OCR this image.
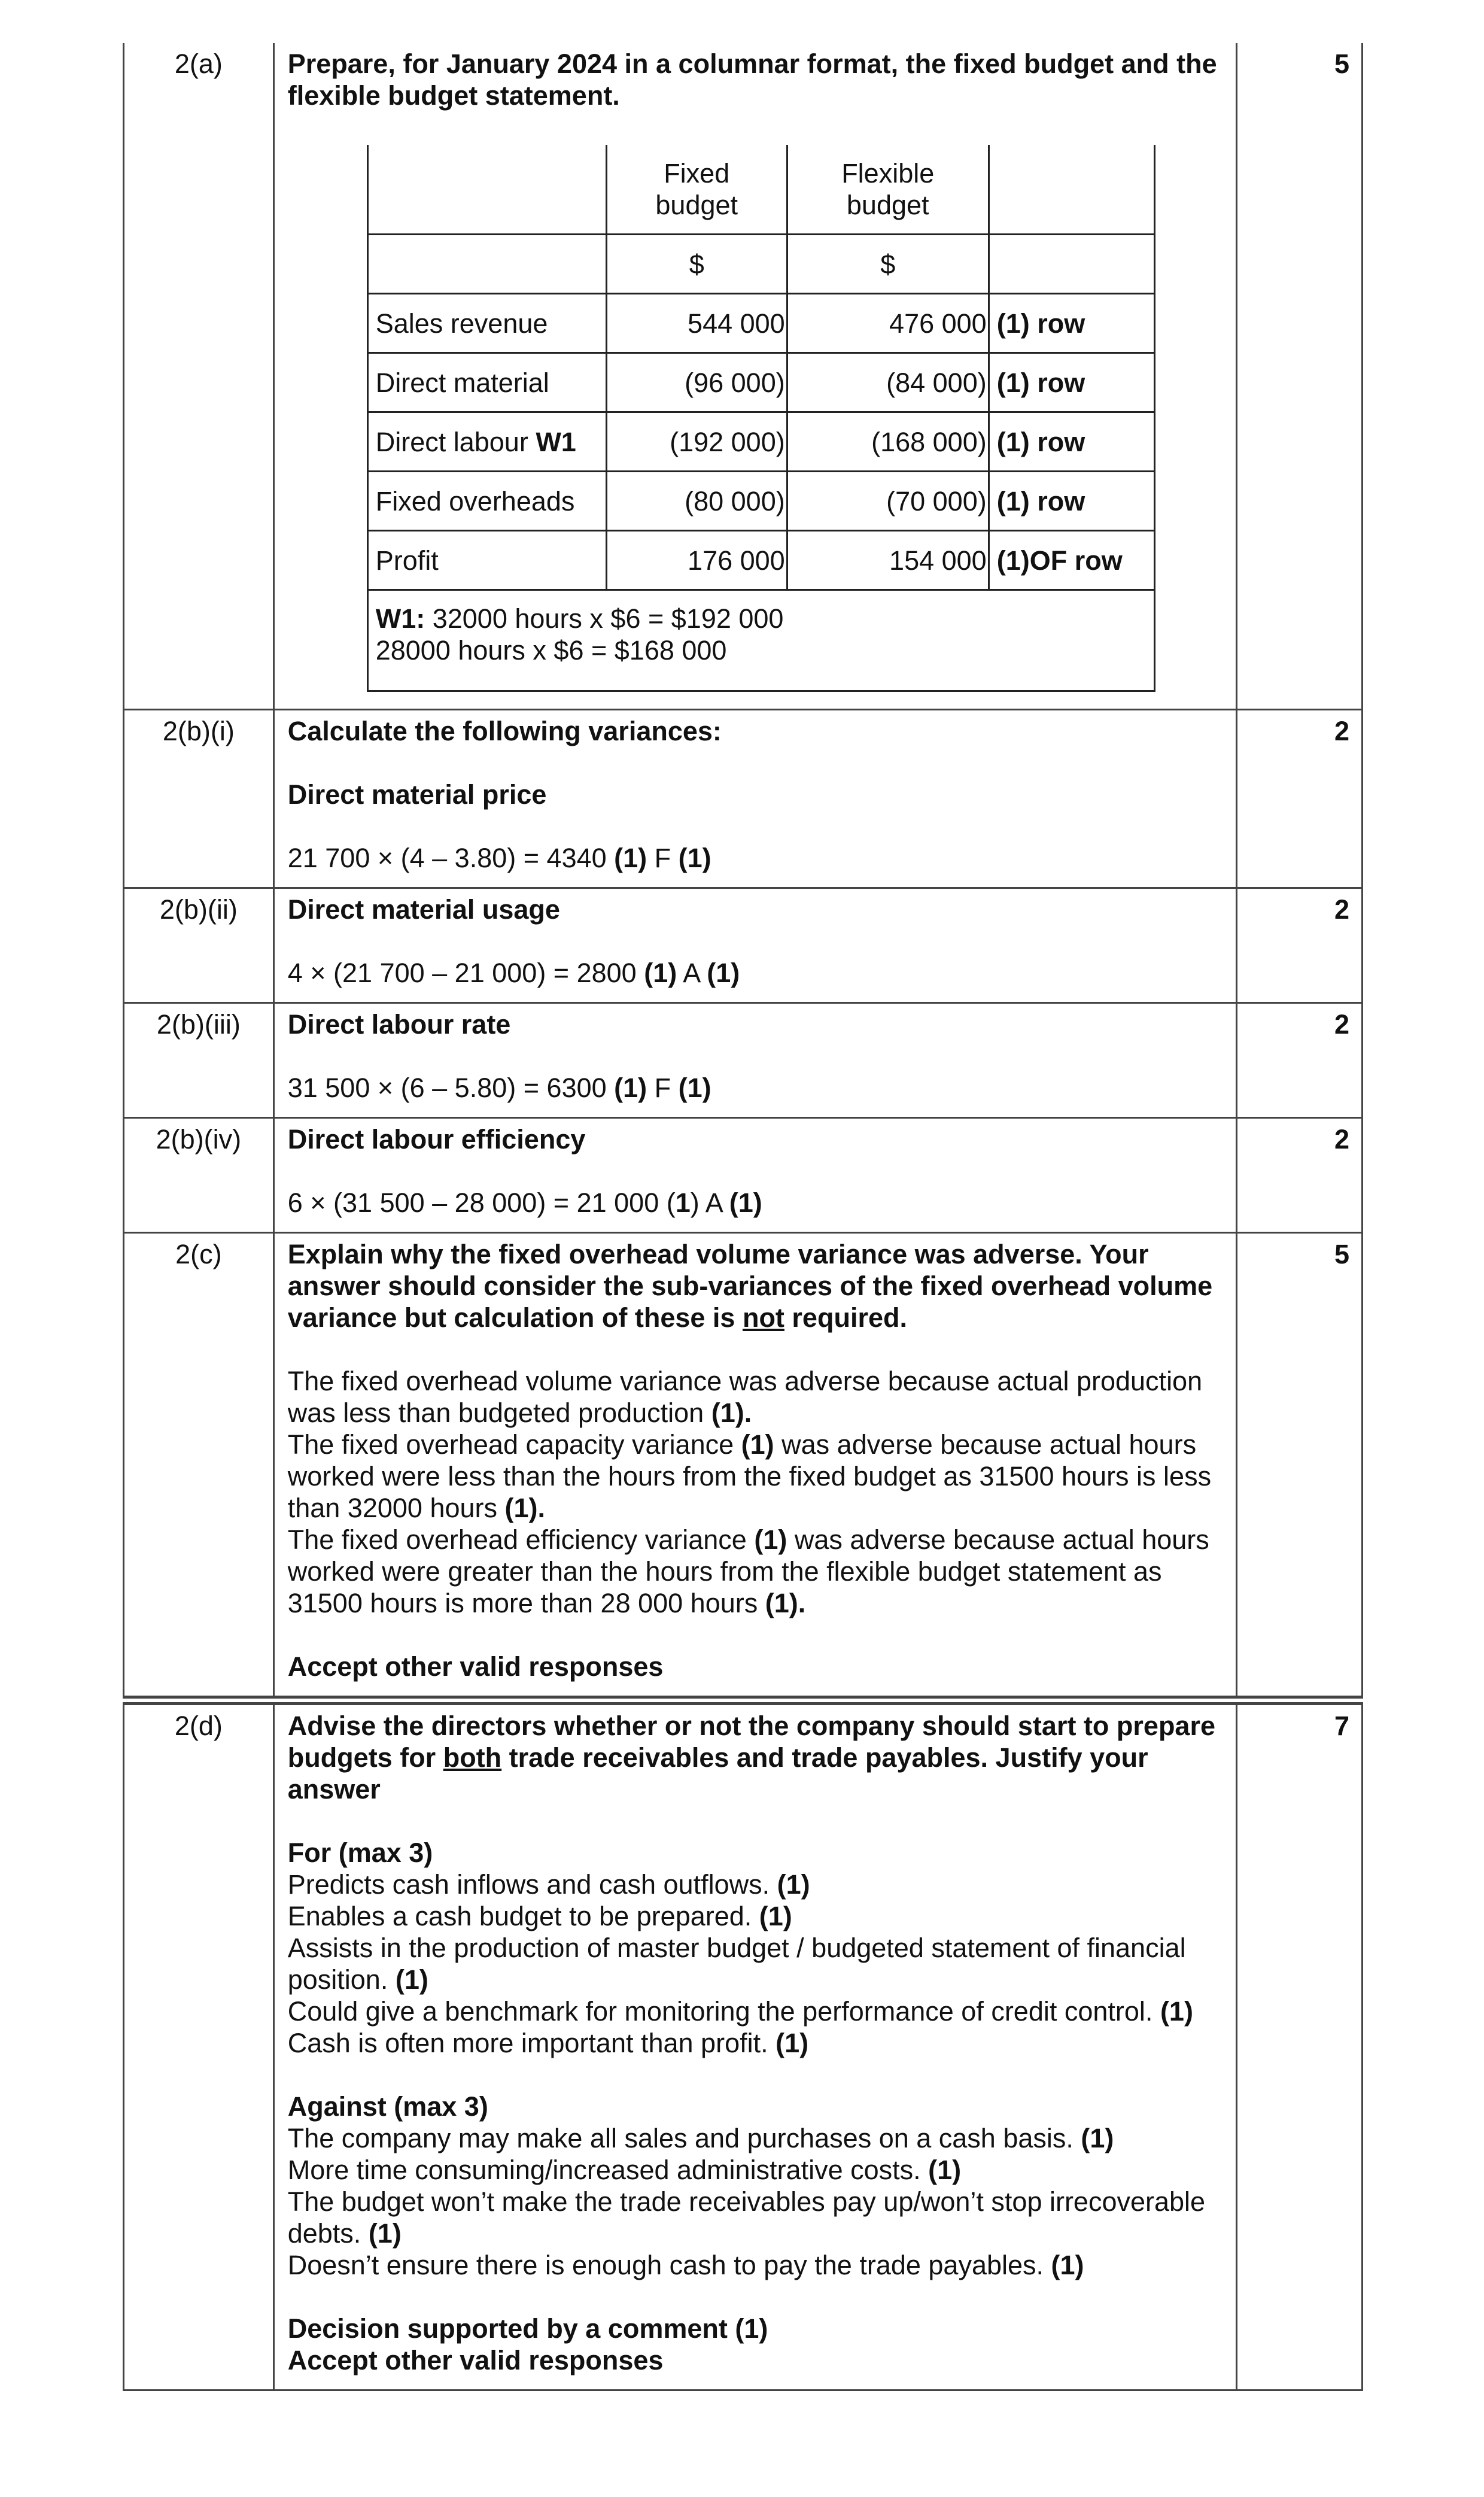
2(a)	Prepare, for January 2024 in a columnar format, the fixed budget and the flexible budget statement.

	Fixed budget	Flexible budget	
	$	$	
Sales revenue	544 000	476 000	(1) row
Direct material	(96 000)	(84 000)	(1) row
Direct labour W1	(192 000)	(168 000)	(1) row
Fixed overheads	(80 000)	(70 000)	(1) row
Profit	176 000	154 000	(1)OF row
W1: 32000 hours x $6 = $192 000
28000 hours x $6 = $168 000
	5
2(b)(i)	Calculate the following variances:

Direct material price

21 700 × (4 – 3.80) = 4340 (1) F (1)

	2
2(b)(ii)	Direct material usage

4 × (21 700 – 21 000) = 2800 (1) A (1)

	2
2(b)(iii)	Direct labour rate

31 500 × (6 – 5.80) = 6300 (1) F (1)

	2
2(b)(iv)	Direct labour efficiency

6 × (31 500 – 28 000) = 21 000 (1) A (1)

	2
2(c)	Explain why the fixed overhead volume variance was adverse. Your answer should consider the sub-variances of the fixed overhead volume variance but calculation of these is not required.

The fixed overhead volume variance was adverse because actual production was less than budgeted production (1).

The fixed overhead capacity variance (1) was adverse because actual hours worked were less than the hours from the fixed budget as 31500 hours is less than 32000 hours (1).

The fixed overhead efficiency variance (1) was adverse because actual hours worked were greater than the hours from the flexible budget statement as 31500 hours is more than 28 000 hours (1).

Accept other valid responses

	5
2(d)	Advise the directors whether or not the company should start to prepare budgets for both trade receivables and trade payables. Justify your answer

For (max 3)

Predicts cash inflows and cash outflows. (1)

Enables a cash budget to be prepared. (1)

Assists in the production of master budget / budgeted statement of financial position. (1)

Could give a benchmark for monitoring the performance of credit control. (1)

Cash is often more important than profit. (1)

Against (max 3)

The company may make all sales and purchases on a cash basis. (1)

More time consuming/increased administrative costs. (1)

The budget won’t make the trade receivables pay up/won’t stop irrecoverable debts. (1)

Doesn’t ensure there is enough cash to pay the trade payables. (1)

Decision supported by a comment (1)

Accept other valid responses

	7
